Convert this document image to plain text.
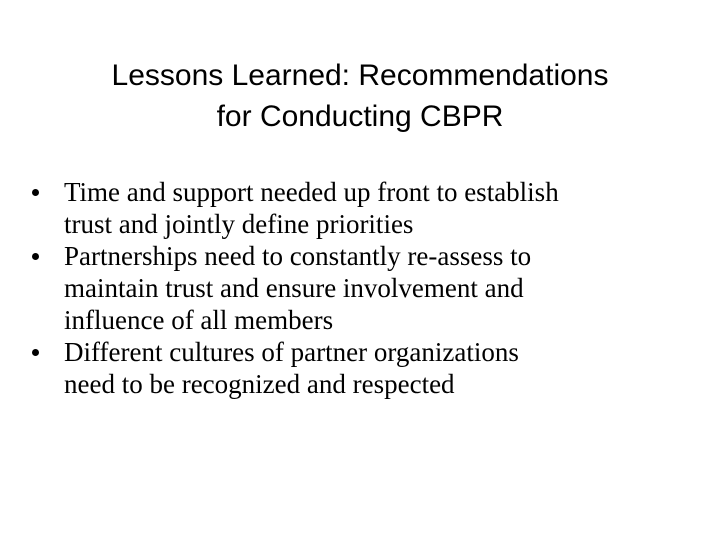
Lessons Learned: Recommendations
for Conducting CBPR
Time and support needed up front to establish
trust and jointly define priorities
Partnerships need to constantly re-assess to
maintain trust and ensure involvement and
influence of all members
Different cultures of partner organizations
need to be recognized and respected
